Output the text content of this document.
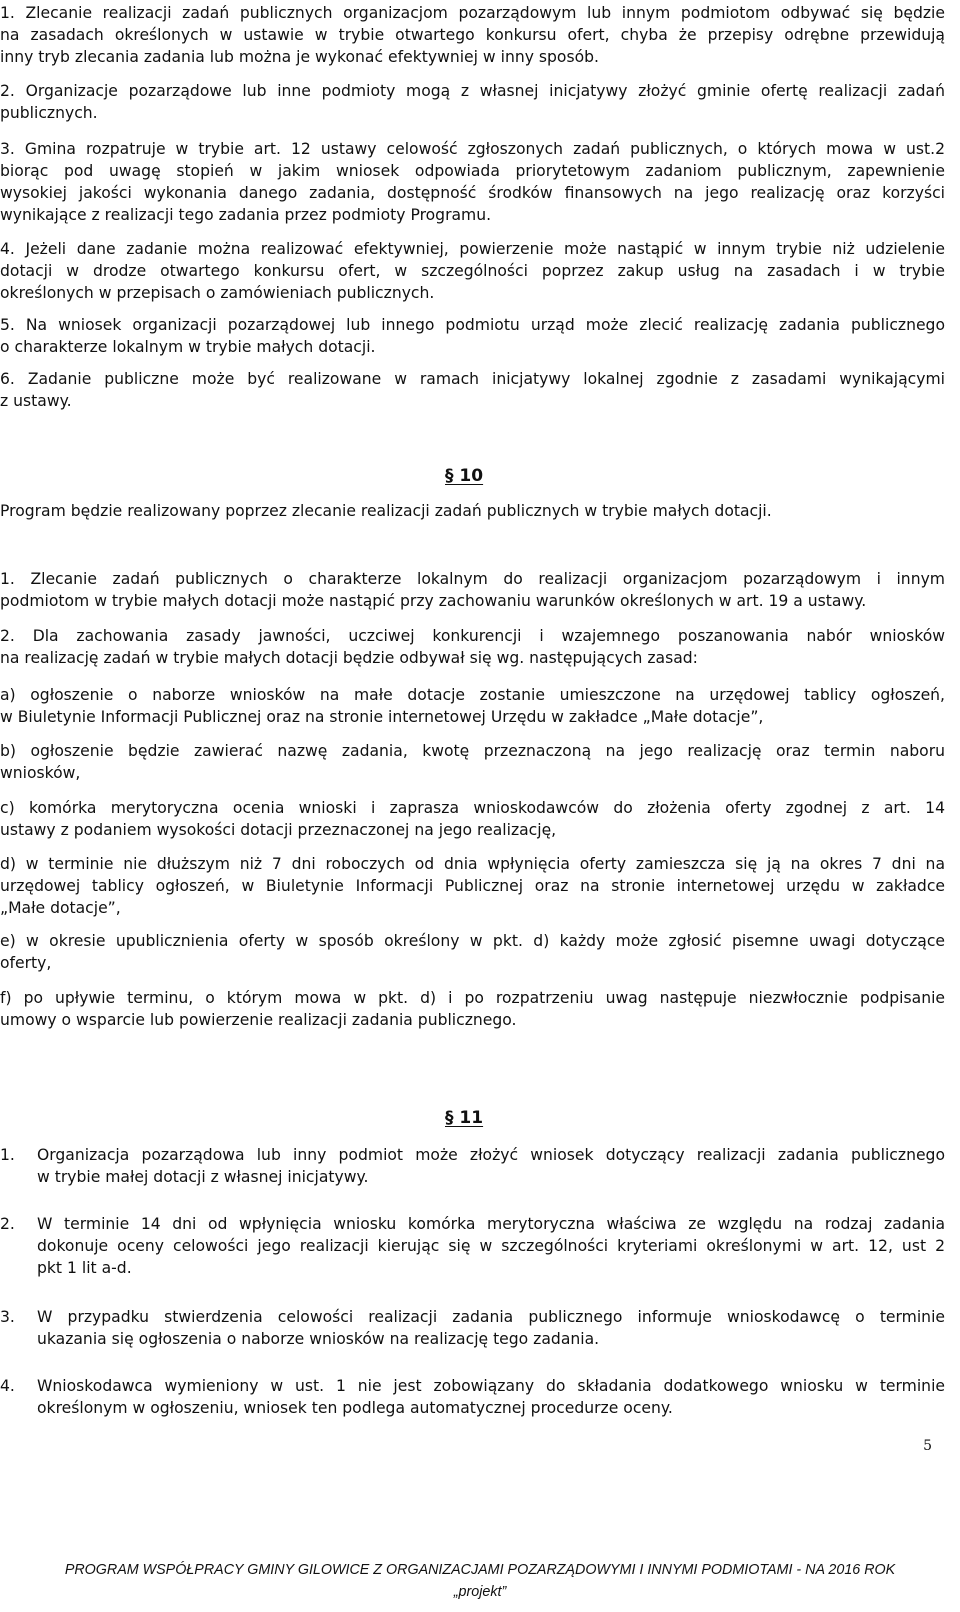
1. Zlecanie realizacji zadań publicznych organizacjom pozarządowym lub innym podmiotom odbywać się będzie
na zasadach określonych w ustawie w trybie otwartego konkursu ofert, chyba że przepisy odrębne przewidują
inny tryb zlecania zadania lub można je wykonać efektywniej w inny sposób.
2. Organizacje pozarządowe lub inne podmioty mogą z własnej inicjatywy złożyć gminie ofertę realizacji zadań
publicznych.
3. Gmina rozpatruje w trybie art. 12 ustawy celowość zgłoszonych zadań publicznych, o których mowa w ust.2
biorąc pod uwagę stopień w jakim wniosek odpowiada priorytetowym zadaniom publicznym, zapewnienie
wysokiej jakości wykonania danego zadania, dostępność środków finansowych na jego realizację oraz korzyści
wynikające z realizacji tego zadania przez podmioty Programu.
4. Jeżeli dane zadanie można realizować efektywniej, powierzenie może nastąpić w innym trybie niż udzielenie
dotacji w drodze otwartego konkursu ofert, w szczególności poprzez zakup usług na zasadach i w trybie
określonych w przepisach o zamówieniach publicznych.
5. Na wniosek organizacji pozarządowej lub innego podmiotu urząd może zlecić realizację zadania publicznego
o charakterze lokalnym w trybie małych dotacji.
6. Zadanie publiczne może być realizowane w ramach inicjatywy lokalnej zgodnie z zasadami wynikającymi
z ustawy.
§ 10
Program będzie realizowany poprzez zlecanie realizacji zadań publicznych w trybie małych dotacji.
1. Zlecanie zadań publicznych o charakterze lokalnym do realizacji organizacjom pozarządowym i innym
podmiotom w trybie małych dotacji może nastąpić przy zachowaniu warunków określonych w art. 19 a ustawy.
2. Dla zachowania zasady jawności, uczciwej konkurencji i wzajemnego poszanowania nabór wniosków
na realizację zadań w trybie małych dotacji będzie odbywał się wg. następujących zasad:
a) ogłoszenie o naborze wniosków na małe dotacje zostanie umieszczone na urzędowej tablicy ogłoszeń,
w Biuletynie Informacji Publicznej oraz na stronie internetowej Urzędu w zakładce „Małe dotacje”,
b) ogłoszenie będzie zawierać nazwę zadania, kwotę przeznaczoną na jego realizację oraz termin naboru
wniosków,
c) komórka merytoryczna ocenia wnioski i zaprasza wnioskodawców do złożenia oferty zgodnej z art. 14
ustawy z podaniem wysokości dotacji przeznaczonej na jego realizację,
d) w terminie nie dłuższym niż 7 dni roboczych od dnia wpłynięcia oferty zamieszcza się ją na okres 7 dni na
urzędowej tablicy ogłoszeń, w Biuletynie Informacji Publicznej oraz na stronie internetowej urzędu w zakładce
„Małe dotacje”,
e) w okresie upublicznienia oferty w sposób określony w pkt. d) każdy może zgłosić pisemne uwagi dotyczące
oferty,
f) po upływie terminu, o którym mowa w pkt. d) i po rozpatrzeniu uwag następuje niezwłocznie podpisanie
umowy o wsparcie lub powierzenie realizacji zadania publicznego.
§ 11
1. Organizacja pozarządowa lub inny podmiot może złożyć wniosek dotyczący realizacji zadania publicznego
w trybie małej dotacji z własnej inicjatywy.
2. W terminie 14 dni od wpłynięcia wniosku komórka merytoryczna właściwa ze względu na rodzaj zadania
dokonuje oceny celowości jego realizacji kierując się w szczególności kryteriami określonymi w art. 12, ust 2
pkt 1 lit a-d.
3. W przypadku stwierdzenia celowości realizacji zadania publicznego informuje wnioskodawcę o terminie
ukazania się ogłoszenia o naborze wniosków na realizację tego zadania.
4. Wnioskodawca wymieniony w ust. 1 nie jest zobowiązany do składania dodatkowego wniosku w terminie
określonym w ogłoszeniu, wniosek ten podlega automatycznej procedurze oceny.
5
PROGRAM WSPÓŁPRACY GMINY GILOWICE Z ORGANIZACJAMI POZARZĄDOWYMI I INNYMI PODMIOTAMI - NA 2016 ROK
„projekt”
